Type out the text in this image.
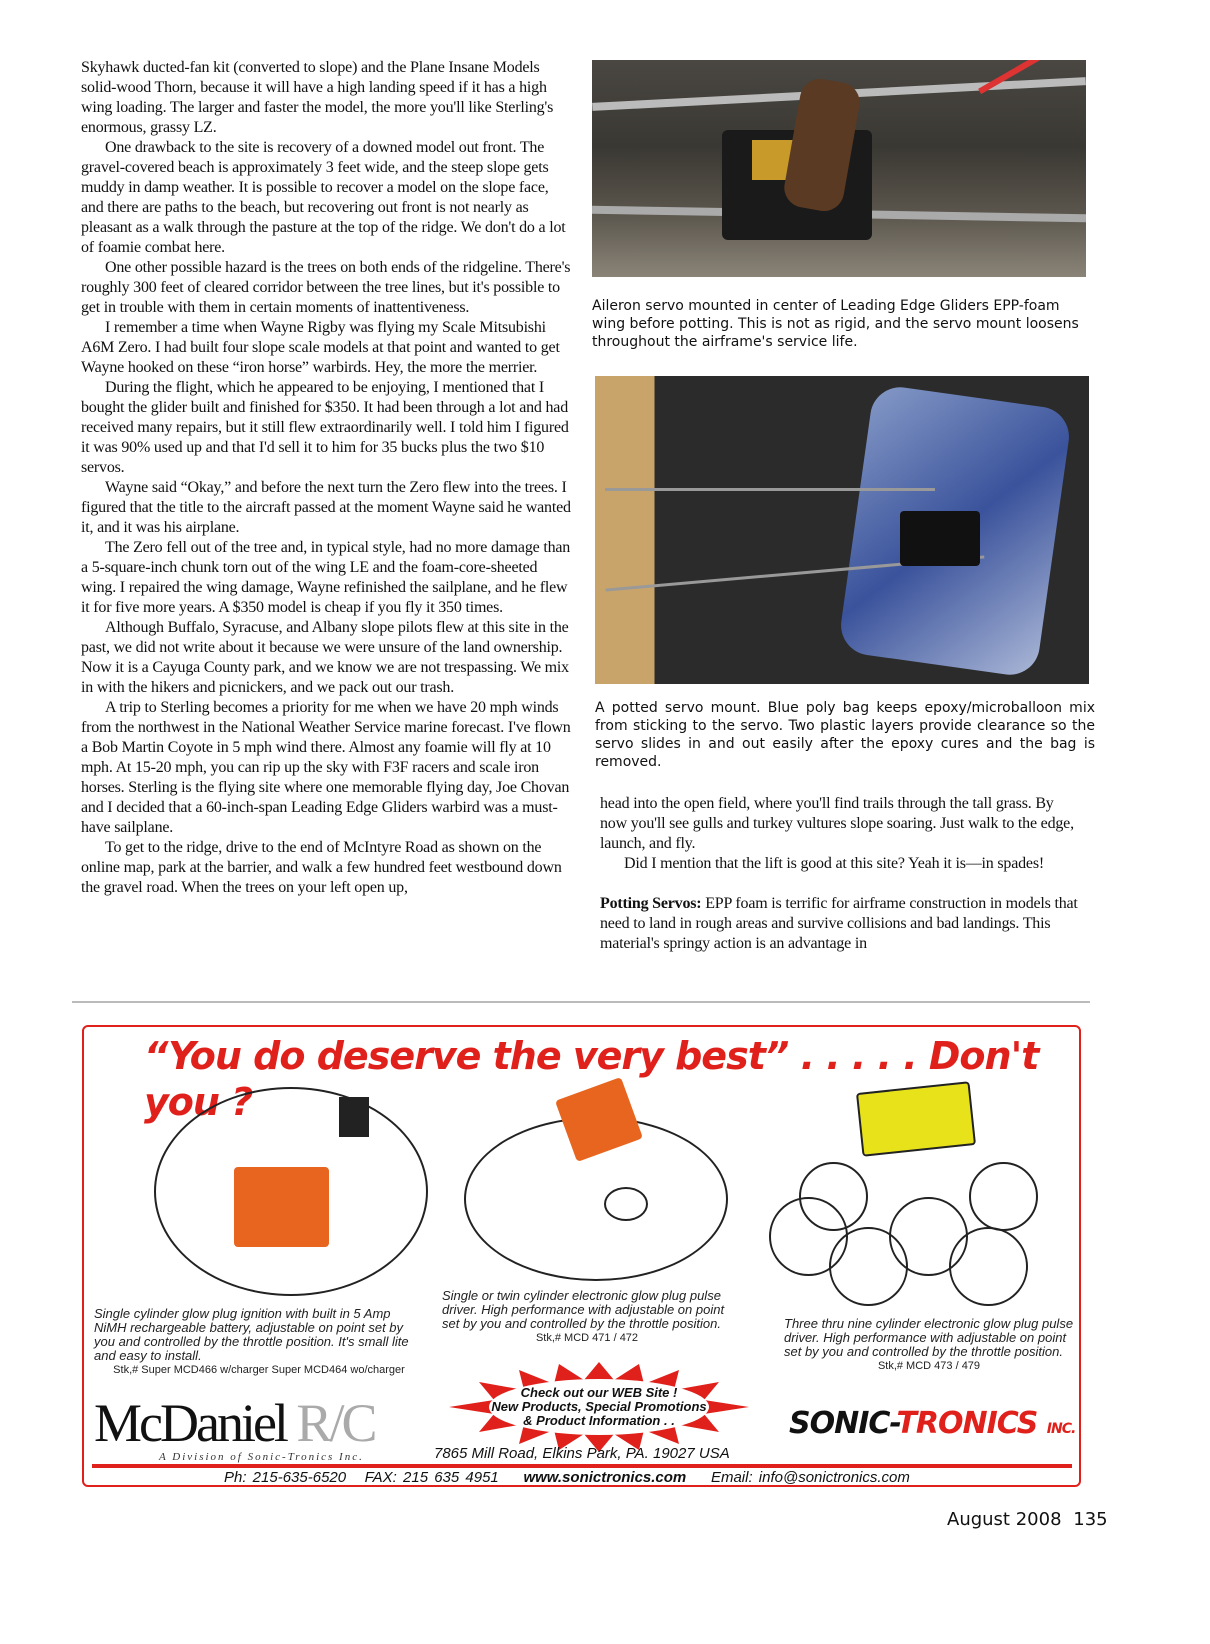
Skyhawk ducted-fan kit (converted to slope) and the Plane Insane Models solid-wood Thorn, because it will have a high landing speed if it has a high wing loading. The larger and faster the model, the more you'll like Sterling's enormous, grassy LZ.

One drawback to the site is recovery of a downed model out front. The gravel-covered beach is approximately 3 feet wide, and the steep slope gets muddy in damp weather. It is possible to recover a model on the slope face, and there are paths to the beach, but recovering out front is not nearly as pleasant as a walk through the pasture at the top of the ridge. We don't do a lot of foamie combat here.

One other possible hazard is the trees on both ends of the ridgeline. There's roughly 300 feet of cleared corridor between the tree lines, but it's possible to get in trouble with them in certain moments of inattentiveness.

I remember a time when Wayne Rigby was flying my Scale Mitsubishi A6M Zero. I had built four slope scale models at that point and wanted to get Wayne hooked on these “iron horse” warbirds. Hey, the more the merrier.

During the flight, which he appeared to be enjoying, I mentioned that I bought the glider built and finished for $350. It had been through a lot and had received many repairs, but it still flew extraordinarily well. I told him I figured it was 90% used up and that I'd sell it to him for 35 bucks plus the two $10 servos.

Wayne said “Okay,” and before the next turn the Zero flew into the trees. I figured that the title to the aircraft passed at the moment Wayne said he wanted it, and it was his airplane.

The Zero fell out of the tree and, in typical style, had no more damage than a 5-square-inch chunk torn out of the wing LE and the foam-core-sheeted wing. I repaired the wing damage, Wayne refinished the sailplane, and he flew it for five more years. A $350 model is cheap if you fly it 350 times.

Although Buffalo, Syracuse, and Albany slope pilots flew at this site in the past, we did not write about it because we were unsure of the land ownership. Now it is a Cayuga County park, and we know we are not trespassing. We mix in with the hikers and picnickers, and we pack out our trash.

A trip to Sterling becomes a priority for me when we have 20 mph winds from the northwest in the National Weather Service marine forecast. I've flown a Bob Martin Coyote in 5 mph wind there. Almost any foamie will fly at 10 mph. At 15-20 mph, you can rip up the sky with F3F racers and scale iron horses. Sterling is the flying site where one memorable flying day, Joe Chovan and I decided that a 60-inch-span Leading Edge Gliders warbird was a must-have sailplane.

To get to the ridge, drive to the end of McIntyre Road as shown on the online map, park at the barrier, and walk a few hundred feet westbound down the gravel road. When the trees on your left open up,

Aileron servo mounted in center of Leading Edge Gliders EPP-foam wing before potting. This is not as rigid, and the servo mount loosens throughout the airframe's service life.
A potted servo mount. Blue poly bag keeps epoxy/microballoon mix from sticking to the servo. Two plastic layers provide clearance so the servo slides in and out easily after the epoxy cures and the bag is removed.

head into the open field, where you'll find trails through the tall grass. By now you'll see gulls and turkey vultures slope soaring. Just walk to the edge, launch, and fly.

Did I mention that the lift is good at this site? Yeah it is—in spades!

Potting Servos: EPP foam is terrific for airframe construction in models that need to land in rough areas and survive collisions and bad landings. This material's springy action is an advantage in

“You do deserve the very best” . . . . . Don't you ?
Single cylinder glow plug ignition with built in 5 Amp NiMH rechargeable battery, adjustable on point set by you and controlled by the throttle position. It's small lite and easy to install.
Stk,# Super MCD466 w/charger Super MCD464 wo/charger
Single or twin cylinder electronic glow plug pulse driver. High performance with adjustable on point set by you and controlled by the throttle position.
Stk,# MCD 471 / 472
Three thru nine cylinder electronic glow plug pulse driver. High performance with adjustable on point set by you and controlled by the throttle position.
Stk,# MCD 473 / 479
Check out our WEB Site !
New Products, Special Promotions
& Product Information . .
McDaniel R/C
A Division of Sonic-Tronics Inc.	7865 Mill Road, Elkins Park, PA. 19027 USA
SONIC-TRONICS INC.
Ph: 215-635-6520 FAX: 215 635 4951 www.sonictronics.com Email: info@sonictronics.com
August 2008 135
